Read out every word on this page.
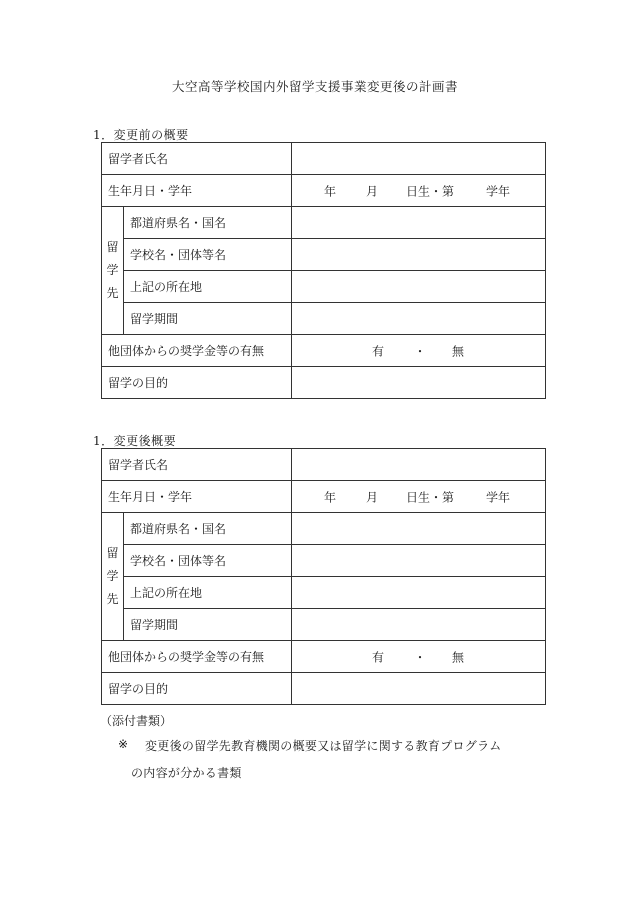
大空高等学校国内外留学支援事業変更後の計画書
1．変更前の概要
留学者氏名		
生年月日・学年		年 月 日生・第 学年

留
学
先	都道府県名・国名	
	学校名・団体等名	
	上記の所在地	
	留学期間	
他団体からの奨学金等の有無		有 ・ 無

留学の目的		
1．変更後概要
留学者氏名		
生年月日・学年		年 月 日生・第 学年

留
学
先	都道府県名・国名	
	学校名・団体等名	
	上記の所在地	
	留学期間	
他団体からの奨学金等の有無		有 ・ 無

留学の目的		
（添付書類）
※ 変更後の留学先教育機関の概要又は留学に関する教育プログラム
の内容が分かる書類
